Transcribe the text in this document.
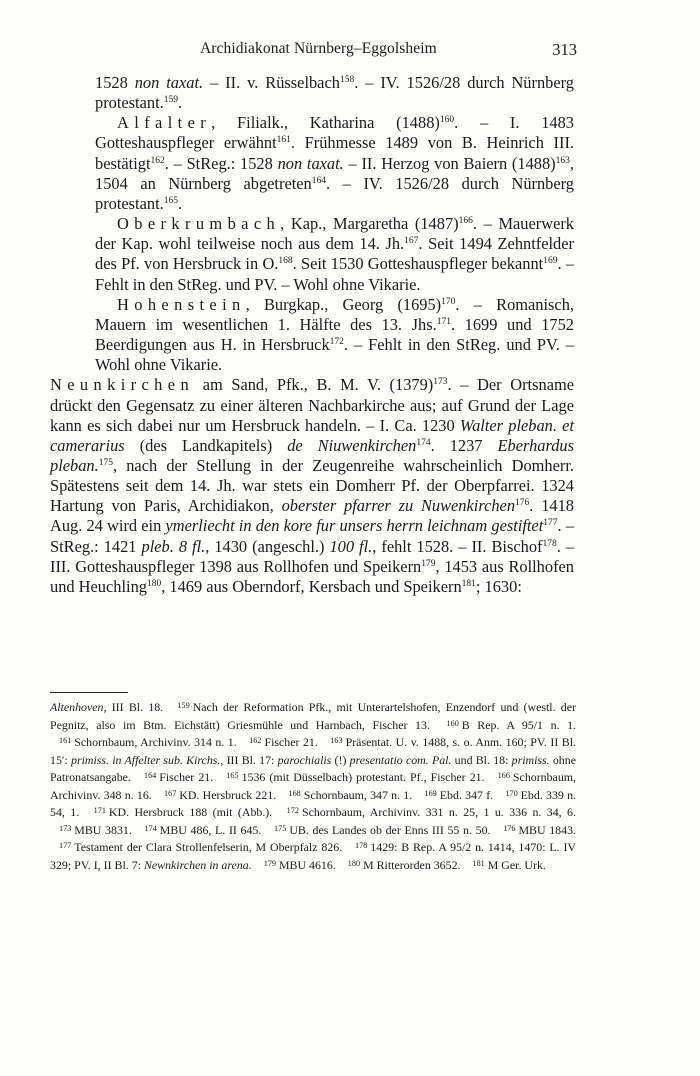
Archidiakonat Nürnberg–Eggolsheim	313

1528 non taxat. – II. v. Rüsselbach$^{158}$. – IV. 1526/28 durch Nürnberg protestant.$^{159}$.

Alfalter, Filialk., Katharina $(1488)^{160}$. – I. 1483 Gotteshauspfleger erwähnt$^{161}$. Frühmesse 1489 von B. Heinrich III. bestätigt$^{162}$. – StReg.: 1528 non taxat. – II. Herzog von Baiern $(1488)^{163}$, 1504 an Nürnberg abgetreten$^{164}$. – IV. 1526/28 durch Nürnberg protestant.$^{165}$.

Oberkrumbach, Kap., Margaretha $(1487)^{166}$. – Mauerwerk der Kap. wohl teilweise noch aus dem 14. Jh.$^{167}$. Seit 1494 Zehntfelder des Pf. von Hersbruck in O.$^{168}$. Seit 1530 Gotteshauspfleger bekannt$^{169}$. – Fehlt in den StReg. und PV. – Wohl ohne Vikarie.

Hohenstein, Burgkap., Georg $(1695)^{170}$. – Romanisch, Mauern im wesentlichen 1. Hälfte des 13. Jhs.$^{171}$. 1699 und 1752 Beerdigungen aus H. in Hersbruck$^{172}$. – Fehlt in den StReg. und PV. – Wohl ohne Vikarie.

Neunkirchen am Sand, Pfk., B. M. V. $(1379)^{173}$. – Der Ortsname drückt den Gegensatz zu einer älteren Nachbarkirche aus; auf Grund der Lage kann es sich dabei nur um Hersbruck handeln. – I. Ca. 1230 Walter pleban. et camerarius (des Landkapitels) de Niuwenkirchen$^{174}$. 1237 Eberhardus pleban.$^{175}$, nach der Stellung in der Zeugenreihe wahrscheinlich Domherr. Spätestens seit dem 14. Jh. war stets ein Domherr Pf. der Oberpfarrei. 1324 Hartung von Paris, Archidiakon, oberster pfarrer zu Nuwenkirchen$^{176}$. 1418 Aug. 24 wird ein ymerliecht in den kore fur unsers herrn leichnam gestiftet$^{177}$. – StReg.: 1421 pleb. 8 fl., 1430 (angeschl.) 100 fl., fehlt 1528. – II. Bischof$^{178}$. – III. Gotteshauspfleger 1398 aus Rollhofen und Speikern$^{179}$, 1453 aus Rollhofen und Heuchling$^{180}$, 1469 aus Oberndorf, Kersbach und Speikern$^{181}$; 1630:

Altenhoven, III Bl. 18. $^{159}$ Nach der Reformation Pfk., mit Unterartelshofen, Enzendorf und (westl. der Pegnitz, also im Btm. Eichstätt) Griesmühle und Harnbach, Fischer 13. $^{160}$ B Rep. A 95/1 n. 1. $^{161}$ Schornbaum, Archivinv. 314 n. 1. $^{162}$ Fischer 21. $^{163}$ Präsentat. U. v. 1488, s. o. Anm. 160; PV. II Bl. 15′: primiss. in Affelter sub. Kirchs., III Bl. 17: parochialis (!) presentatio com. Pal. und Bl. 18: primiss. ohne Patronatsangabe. $^{164}$ Fischer 21. $^{165}$ 1536 (mit Düsselbach) protestant. Pf., Fischer 21. $^{166}$ Schornbaum, Archivinv. 348 n. 16. $^{167}$ KD. Hersbruck 221. $^{168}$ Schornbaum, 347 n. 1. $^{169}$ Ebd. 347 f. $^{170}$ Ebd. 339 n. 54, 1. $^{171}$ KD. Hersbruck 188 (mit (Abb.). $^{172}$ Schornbaum, Archivinv. 331 n. 25, 1 u. 336 n. 34, 6. $^{173}$ MBU 3831. $^{174}$ MBU 486, L. II 645. $^{175}$ UB. des Landes ob der Enns III 55 n. 50. $^{176}$ MBU 1843. $^{177}$ Testament der Clara Strollenfelserin, M Oberpfalz 826. $^{178}$ 1429: B Rep. A 95/2 n. 1414, 1470: L. IV 329; PV. I, II Bl. 7: Newnkirchen in arena. $^{179}$ MBU 4616. $^{180}$ M Ritterorden 3652. $^{181}$ M Ger. Urk.
